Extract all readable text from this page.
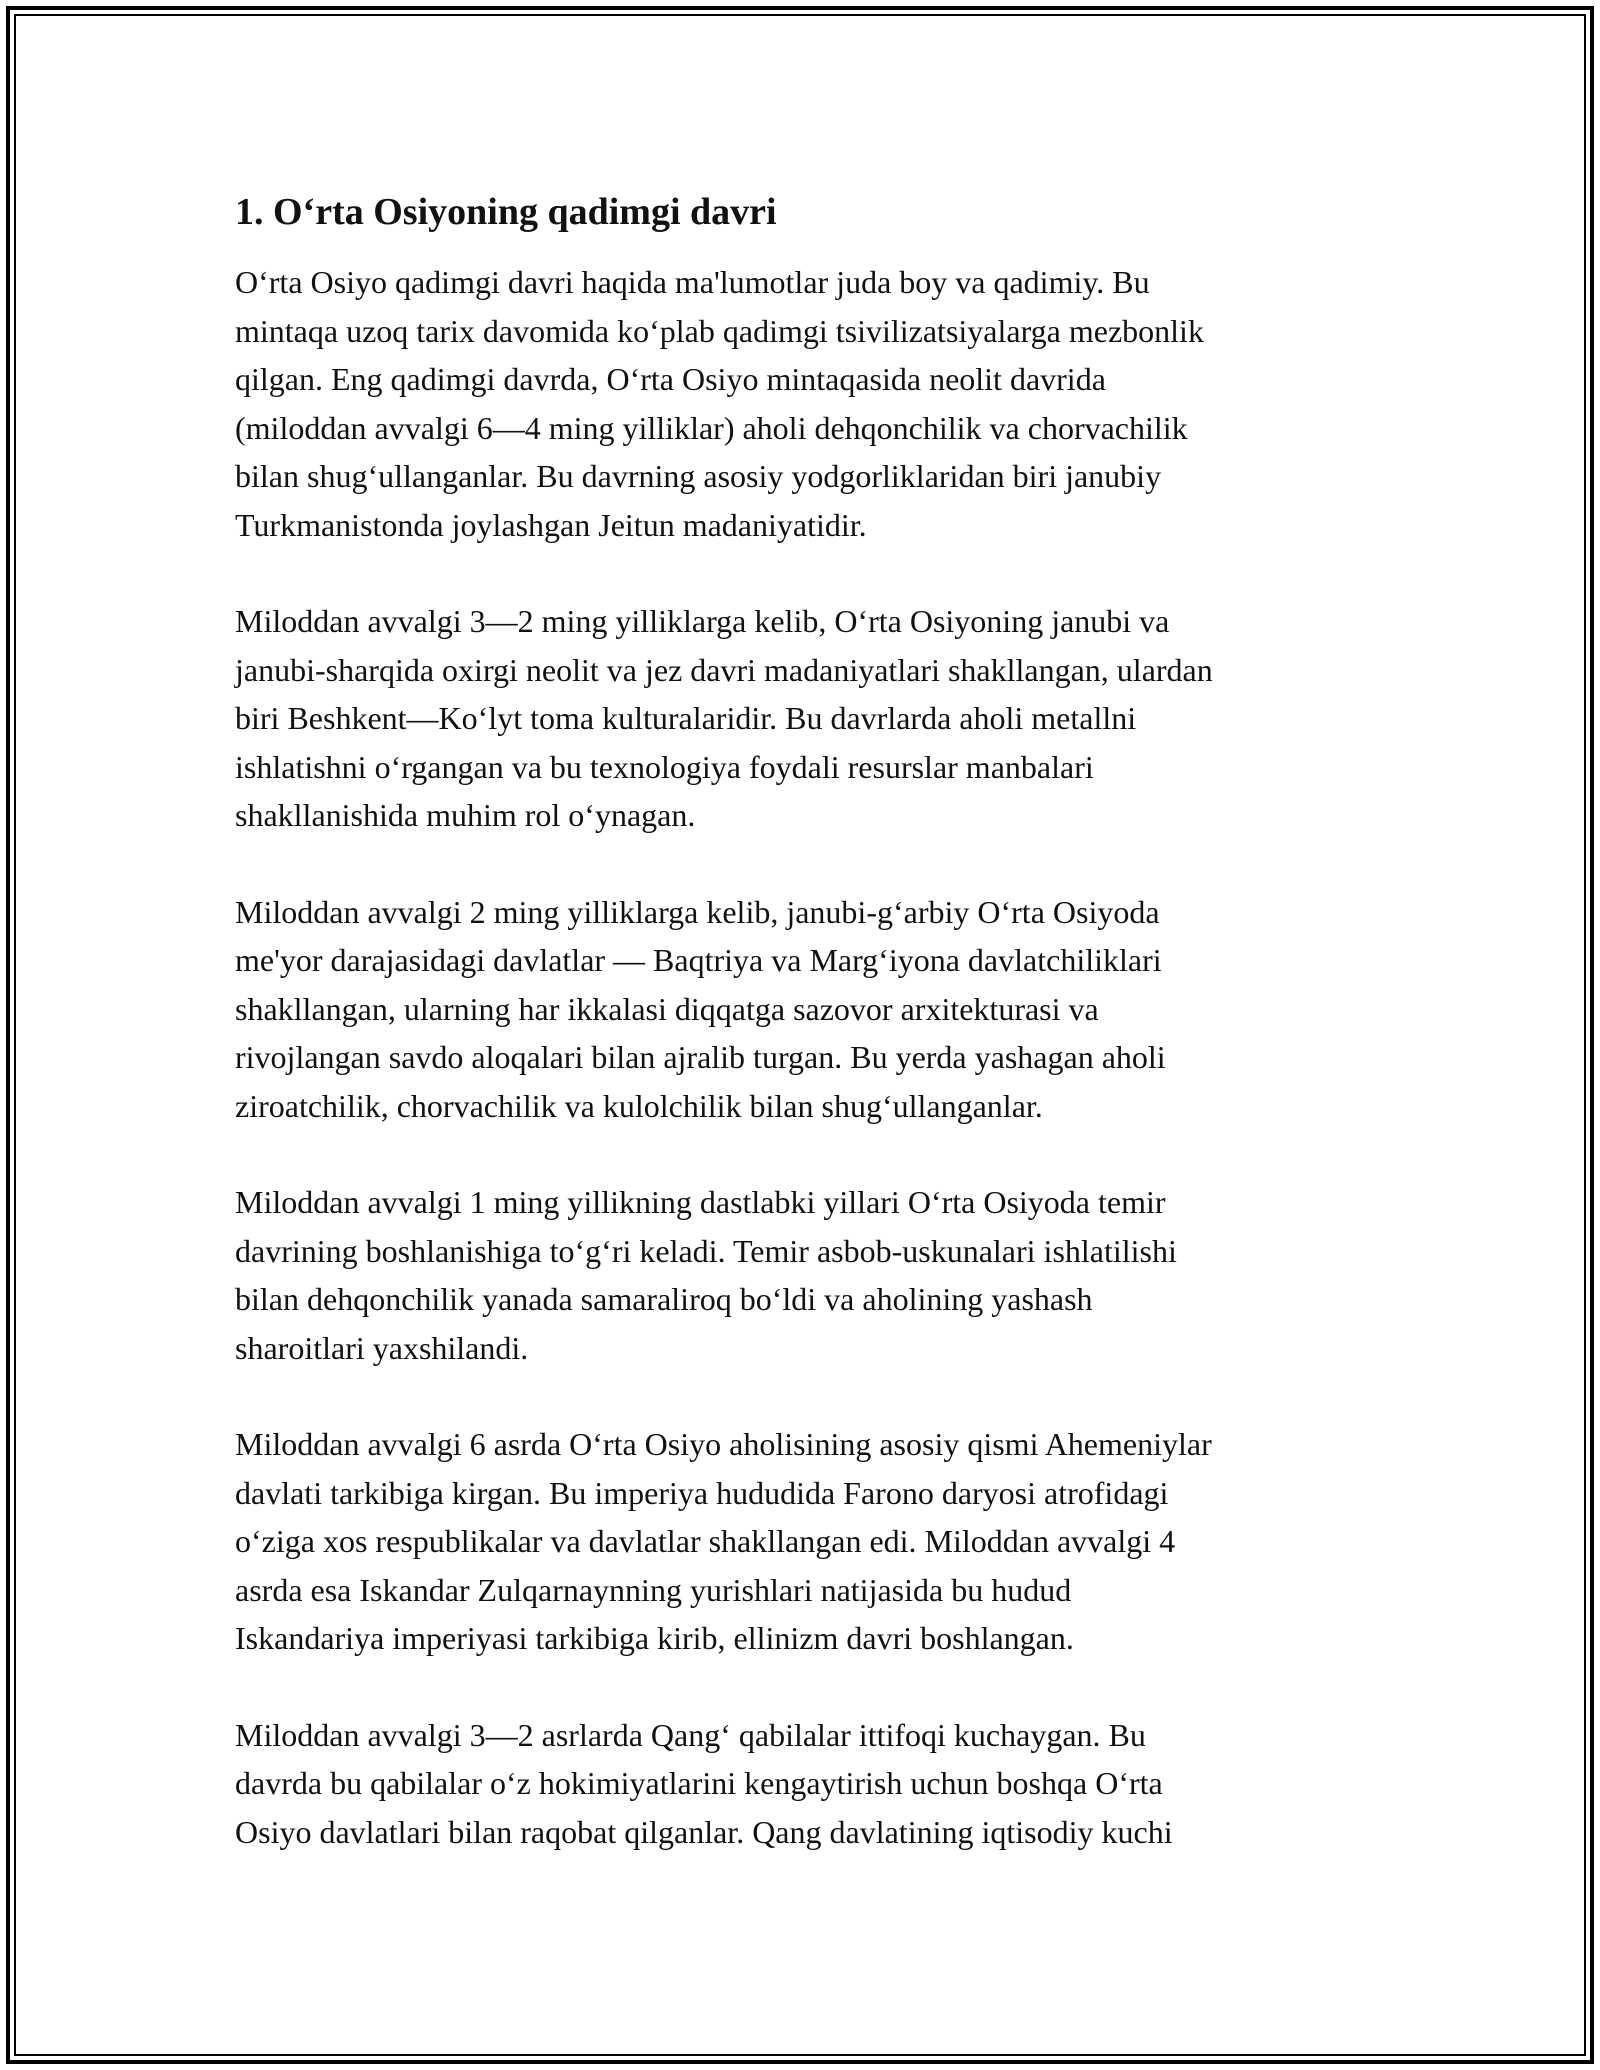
1. O‘rta Osiyoning qadimgi davri
O‘rta Osiyo qadimgi davri haqida ma'lumotlar juda boy va qadimiy. Bu
mintaqa uzoq tarix davomida ko‘plab qadimgi tsivilizatsiyalarga mezbonlik
qilgan. Eng qadimgi davrda, O‘rta Osiyo mintaqasida neolit davrida
(miloddan avvalgi 6—4 ming yilliklar) aholi dehqonchilik va chorvachilik
bilan shug‘ullanganlar. Bu davrning asosiy yodgorliklaridan biri janubiy
Turkmanistonda joylashgan Jeitun madaniyatidir.
Miloddan avvalgi 3—2 ming yilliklarga kelib, O‘rta Osiyoning janubi va
janubi-sharqida oxirgi neolit va jez davri madaniyatlari shakllangan, ulardan
biri Beshkent—Ko‘lyt toma kulturalaridir. Bu davrlarda aholi metallni
ishlatishni o‘rgangan va bu texnologiya foydali resurslar manbalari
shakllanishida muhim rol o‘ynagan.
Miloddan avvalgi 2 ming yilliklarga kelib, janubi-g‘arbiy O‘rta Osiyoda
me'yor darajasidagi davlatlar — Baqtriya va Marg‘iyona davlatchiliklari
shakllangan, ularning har ikkalasi diqqatga sazovor arxitekturasi va
rivojlangan savdo aloqalari bilan ajralib turgan. Bu yerda yashagan aholi
ziroatchilik, chorvachilik va kulolchilik bilan shug‘ullanganlar.
Miloddan avvalgi 1 ming yillikning dastlabki yillari O‘rta Osiyoda temir
davrining boshlanishiga to‘g‘ri keladi. Temir asbob-uskunalari ishlatilishi
bilan dehqonchilik yanada samaraliroq bo‘ldi va aholining yashash
sharoitlari yaxshilandi.
Miloddan avvalgi 6 asrda O‘rta Osiyo aholisining asosiy qismi Ahemeniylar
davlati tarkibiga kirgan. Bu imperiya hududida Farono daryosi atrofidagi
o‘ziga xos respublikalar va davlatlar shakllangan edi. Miloddan avvalgi 4
asrda esa Iskandar Zulqarnaynning yurishlari natijasida bu hudud
Iskandariya imperiyasi tarkibiga kirib, ellinizm davri boshlangan.
Miloddan avvalgi 3—2 asrlarda Qang‘ qabilalar ittifoqi kuchaygan. Bu
davrda bu qabilalar o‘z hokimiyatlarini kengaytirish uchun boshqa O‘rta
Osiyo davlatlari bilan raqobat qilganlar. Qang davlatining iqtisodiy kuchi
